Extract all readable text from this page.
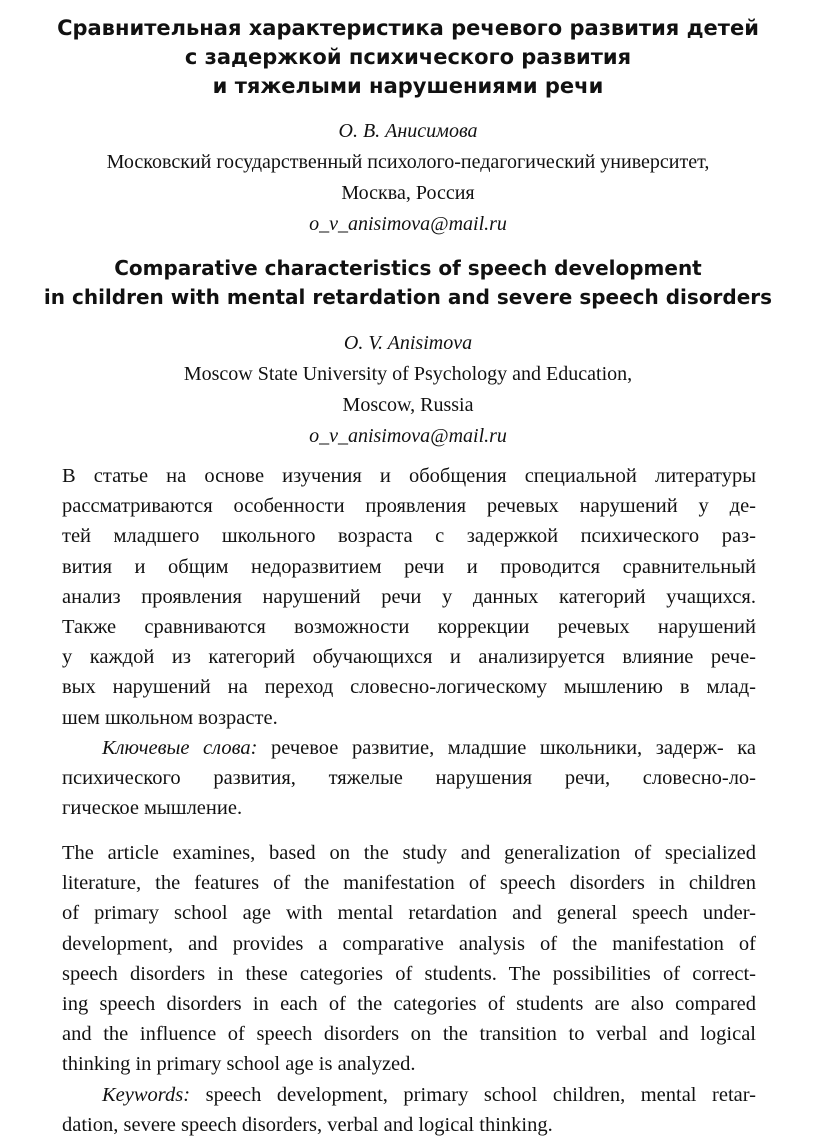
Сравнительная характеристика речевого развития детей
с задержкой психического развития
и тяжелыми нарушениями речи
О. В. Анисимова
Московский государственный психолого-педагогический университет,
Москва, Россия
o_v_anisimova@mail.ru
Comparative characteristics of speech development
in children with mental retardation and severe speech disorders
O. V. Anisimova
Moscow State University of Psychology and Education,
Moscow, Russia
o_v_anisimova@mail.ru

В статье на основе изучения и обобщения специальной литературы
рассматриваются особенности проявления речевых нарушений у де-
тей младшего школьного возраста с задержкой психического раз-
вития и общим недоразвитием речи и проводится сравнительный
анализ проявления нарушений речи у данных категорий учащихся.
Также сравниваются возможности коррекции речевых нарушений
у каждой из категорий обучающихся и анализируется влияние рече-
вых нарушений на переход словесно-логическому мышлению в млад-
шем школьном возрасте.

Ключевые слова: речевое развитие, младшие школьники, задерж- ка
психического развития, тяжелые нарушения речи, словесно-ло-
гическое мышление.

The article examines, based on the study and generalization of specialized
literature, the features of the manifestation of speech disorders in children
of primary school age with mental retardation and general speech under-
development, and provides a comparative analysis of the manifestation of
speech disorders in these categories of students. The possibilities of correct-
ing speech disorders in each of the categories of students are also compared
and the influence of speech disorders on the transition to verbal and logical
thinking in primary school age is analyzed.

Keywords: speech development, primary school children, mental retar-
dation, severe speech disorders, verbal and logical thinking.
